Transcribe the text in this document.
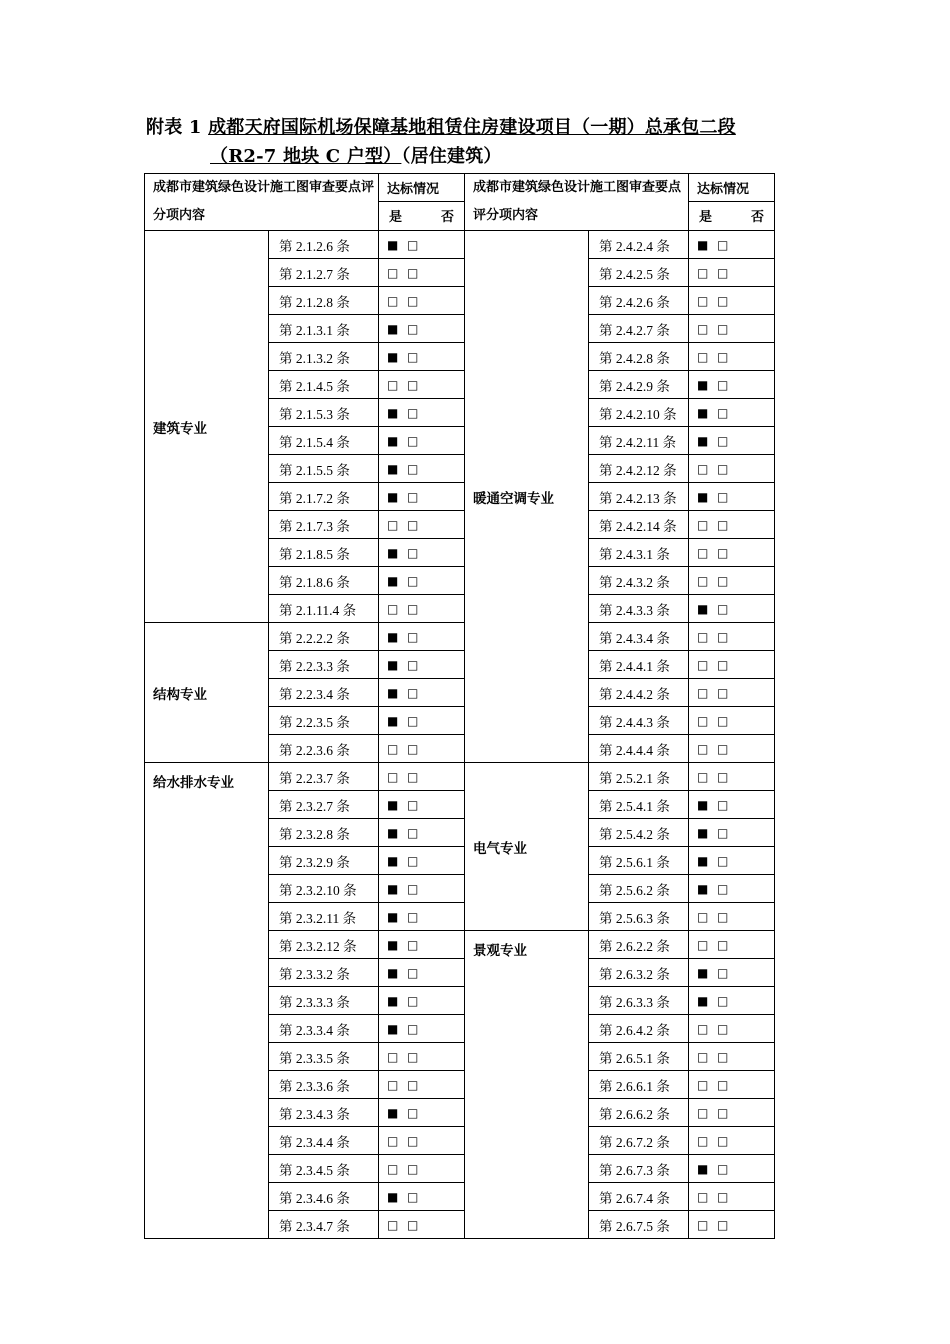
附表 1 成都天府国际机场保障基地租赁住房建设项目（一期）总承包二段
（R2-7 地块 C 户型）（居住建筑）
成都市建筑绿色设计施工图审查要点评分项内容		达标情况	成都市建筑绿色设计施工图审查要点评分项内容		达标情况

		是 否			是 否

建筑专业	第 2.1.2.6 条	■ □	暖通空调专业	第 2.4.2.4 条	■ □
	第 2.1.2.7 条	□ □		第 2.4.2.5 条	□ □
	第 2.1.2.8 条	□ □		第 2.4.2.6 条	□ □
	第 2.1.3.1 条	■ □		第 2.4.2.7 条	□ □
	第 2.1.3.2 条	■ □		第 2.4.2.8 条	□ □
	第 2.1.4.5 条	□ □		第 2.4.2.9 条	■ □
	第 2.1.5.3 条	■ □		第 2.4.2.10 条	■ □
	第 2.1.5.4 条	■ □		第 2.4.2.11 条	■ □
	第 2.1.5.5 条	■ □		第 2.4.2.12 条	□ □
	第 2.1.7.2 条	■ □		第 2.4.2.13 条	■ □
	第 2.1.7.3 条	□ □		第 2.4.2.14 条	□ □
	第 2.1.8.5 条	■ □		第 2.4.3.1 条	□ □
	第 2.1.8.6 条	■ □		第 2.4.3.2 条	□ □
	第 2.1.11.4 条	□ □		第 2.4.3.3 条	■ □
结构专业	第 2.2.2.2 条	■ □		第 2.4.3.4 条	□ □
	第 2.2.3.3 条	■ □		第 2.4.4.1 条	□ □
	第 2.2.3.4 条	■ □		第 2.4.4.2 条	□ □
	第 2.2.3.5 条	■ □		第 2.4.4.3 条	□ □
	第 2.2.3.6 条	□ □		第 2.4.4.4 条	□ □
给水排水专业	第 2.2.3.7 条	□ □	电气专业	第 2.5.2.1 条	□ □
	第 2.3.2.7 条	■ □		第 2.5.4.1 条	■ □
	第 2.3.2.8 条	■ □		第 2.5.4.2 条	■ □
	第 2.3.2.9 条	■ □		第 2.5.6.1 条	■ □
	第 2.3.2.10 条	■ □		第 2.5.6.2 条	■ □
	第 2.3.2.11 条	■ □		第 2.5.6.3 条	□ □
	第 2.3.2.12 条	■ □	景观专业	第 2.6.2.2 条	□ □
	第 2.3.3.2 条	■ □		第 2.6.3.2 条	■ □
	第 2.3.3.3 条	■ □		第 2.6.3.3 条	■ □
	第 2.3.3.4 条	■ □		第 2.6.4.2 条	□ □
	第 2.3.3.5 条	□ □		第 2.6.5.1 条	□ □
	第 2.3.3.6 条	□ □		第 2.6.6.1 条	□ □
	第 2.3.4.3 条	■ □		第 2.6.6.2 条	□ □
	第 2.3.4.4 条	□ □		第 2.6.7.2 条	□ □
	第 2.3.4.5 条	□ □		第 2.6.7.3 条	■ □
	第 2.3.4.6 条	■ □		第 2.6.7.4 条	□ □
	第 2.3.4.7 条	□ □		第 2.6.7.5 条	□ □
